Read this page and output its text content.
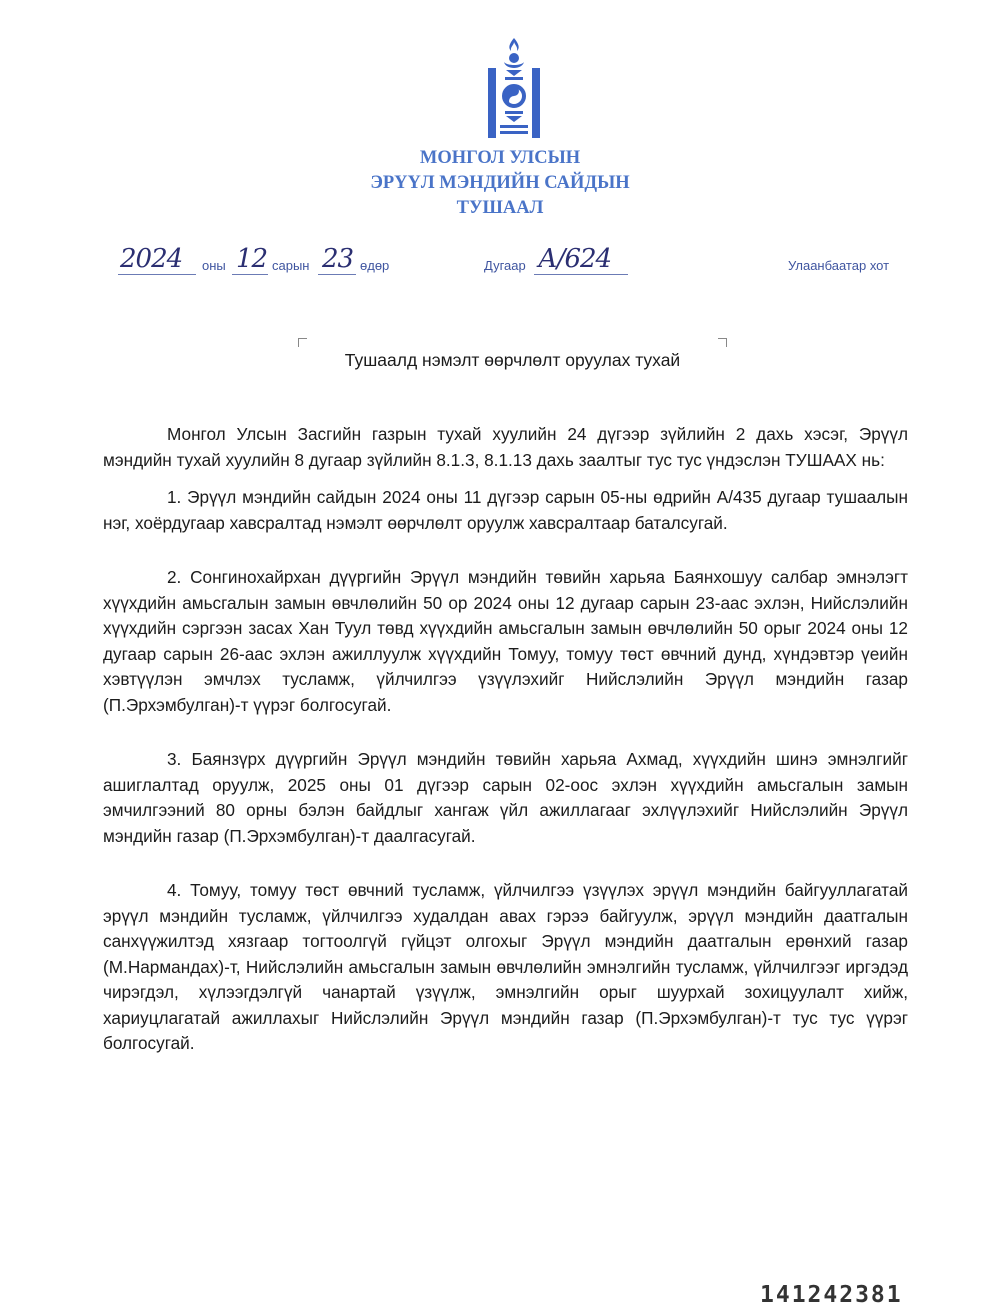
МОНГОЛ УЛСЫН
ЭРҮҮЛ МЭНДИЙН САЙДЫН
ТУШААЛ
2024 оны 12 сарын 23 өдөр	Дугаар А/624	Улаанбаатар хот
Тушаалд нэмэлт өөрчлөлт оруулах тухай

Монгол Улсын Засгийн газрын тухай хуулийн 24 дүгээр зүйлийн 2 дахь хэсэг, Эрүүл мэндийн тухай хуулийн 8 дугаар зүйлийн 8.1.3, 8.1.13 дахь заалтыг тус тус үндэслэн ТУШААХ нь:

1. Эрүүл мэндийн сайдын 2024 оны 11 дүгээр сарын 05-ны өдрийн А/435 дугаар тушаалын нэг, хоёрдугаар хавсралтад нэмэлт өөрчлөлт оруулж хавсралтаар баталсугай.

2. Сонгинохайрхан дүүргийн Эрүүл мэндийн төвийн харьяа Баянхошуу салбар эмнэлэгт хүүхдийн амьсгалын замын өвчлөлийн 50 ор 2024 оны 12 дугаар сарын 23-аас эхлэн, Нийслэлийн хүүхдийн сэргээн засах Хан Туул төвд хүүхдийн амьсгалын замын өвчлөлийн 50 орыг 2024 оны 12 дугаар сарын 26-аас эхлэн ажиллуулж хүүхдийн Томуу, томуу төст өвчний дунд, хүндэвтэр үеийн хэвтүүлэн эмчлэх тусламж, үйлчилгээ үзүүлэхийг Нийслэлийн Эрүүл мэндийн газар (П.Эрхэмбулган)-т үүрэг болгосугай.

3. Баянзүрх дүүргийн Эрүүл мэндийн төвийн харьяа Ахмад, хүүхдийн шинэ эмнэлгийг ашиглалтад оруулж, 2025 оны 01 дүгээр сарын 02-оос эхлэн хүүхдийн амьсгалын замын эмчилгээний 80 орны бэлэн байдлыг хангаж үйл ажиллагааг эхлүүлэхийг Нийслэлийн Эрүүл мэндийн газар (П.Эрхэмбулган)-т даалгасугай.

4. Томуу, томуу төст өвчний тусламж, үйлчилгээ үзүүлэх эрүүл мэндийн байгууллагатай эрүүл мэндийн тусламж, үйлчилгээ худалдан авах гэрээ байгуулж, эрүүл мэндийн даатгалын санхүүжилтэд хязгаар тогтоолгүй гүйцэт олгохыг Эрүүл мэндийн даатгалын ерөнхий газар (М.Нармандах)-т, Нийслэлийн амьсгалын замын өвчлөлийн эмнэлгийн тусламж, үйлчилгээг иргэдэд чирэгдэл, хүлээгдэлгүй чанартай үзүүлж, эмнэлгийн орыг шуурхай зохицуулалт хийж, хариуцлагатай ажиллахыг Нийслэлийн Эрүүл мэндийн газар (П.Эрхэмбулган)-т тус тус үүрэг болгосугай.

141242381
